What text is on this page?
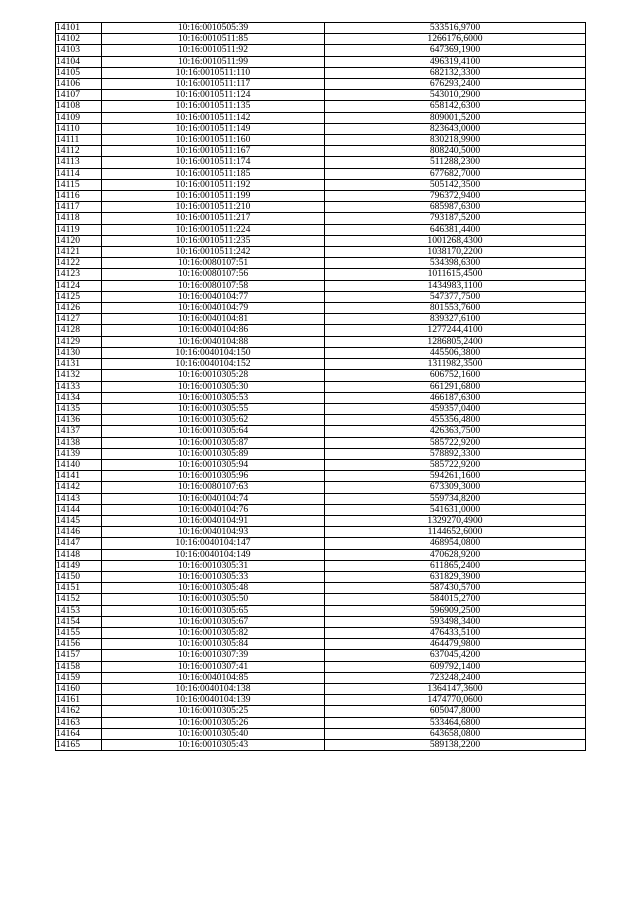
14101	10:16:0010505:39	533516,9700
14102	10:16:0010511:85	1266176,6000
14103	10:16:0010511:92	647369,1900
14104	10:16:0010511:99	496319,4100
14105	10:16:0010511:110	682132,3300
14106	10:16:0010511:117	676293,2400
14107	10:16:0010511:124	543010,2900
14108	10:16:0010511:135	658142,6300
14109	10:16:0010511:142	809001,5200
14110	10:16:0010511:149	823643,0000
14111	10:16:0010511:160	830218,9900
14112	10:16:0010511:167	808240,5000
14113	10:16:0010511:174	511288,2300
14114	10:16:0010511:185	677682,7000
14115	10:16:0010511:192	505142,3500
14116	10:16:0010511:199	796372,9400
14117	10:16:0010511:210	685987,6300
14118	10:16:0010511:217	793187,5200
14119	10:16:0010511:224	646381,4400
14120	10:16:0010511:235	1001268,4300
14121	10:16:0010511:242	1038170,2200
14122	10:16:0080107:51	534398,6300
14123	10:16:0080107:56	1011615,4500
14124	10:16:0080107:58	1434983,1100
14125	10:16:0040104:77	547377,7500
14126	10:16:0040104:79	801553,7600
14127	10:16:0040104:81	839327,6100
14128	10:16:0040104:86	1277244,4100
14129	10:16:0040104:88	1286805,2400
14130	10:16:0040104:150	445506,3800
14131	10:16:0040104:152	1311982,3500
14132	10:16:0010305:28	606752,1600
14133	10:16:0010305:30	661291,6800
14134	10:16:0010305:53	466187,6300
14135	10:16:0010305:55	459357,0400
14136	10:16:0010305:62	455356,4800
14137	10:16:0010305:64	426363,7500
14138	10:16:0010305:87	585722,9200
14139	10:16:0010305:89	578892,3300
14140	10:16:0010305:94	585722,9200
14141	10:16:0010305:96	594261,1600
14142	10:16:0080107:63	673309,3000
14143	10:16:0040104:74	559734,8200
14144	10:16:0040104:76	541631,0000
14145	10:16:0040104:91	1329270,4900
14146	10:16:0040104:93	1144652,6000
14147	10:16:0040104:147	468954,0800
14148	10:16:0040104:149	470628,9200
14149	10:16:0010305:31	611865,2400
14150	10:16:0010305:33	631829,3900
14151	10:16:0010305:48	587430,5700
14152	10:16:0010305:50	584015,2700
14153	10:16:0010305:65	596909,2500
14154	10:16:0010305:67	593498,3400
14155	10:16:0010305:82	476433,5100
14156	10:16:0010305:84	464479,9800
14157	10:16:0010307:39	637045,4200
14158	10:16:0010307:41	609792,1400
14159	10:16:0040104:85	723248,2400
14160	10:16:0040104:138	1364147,3600
14161	10:16:0040104:139	1474770,0600
14162	10:16:0010305:25	605047,8000
14163	10:16:0010305:26	533464,6800
14164	10:16:0010305:40	643658,0800
14165	10:16:0010305:43	589138,2200
